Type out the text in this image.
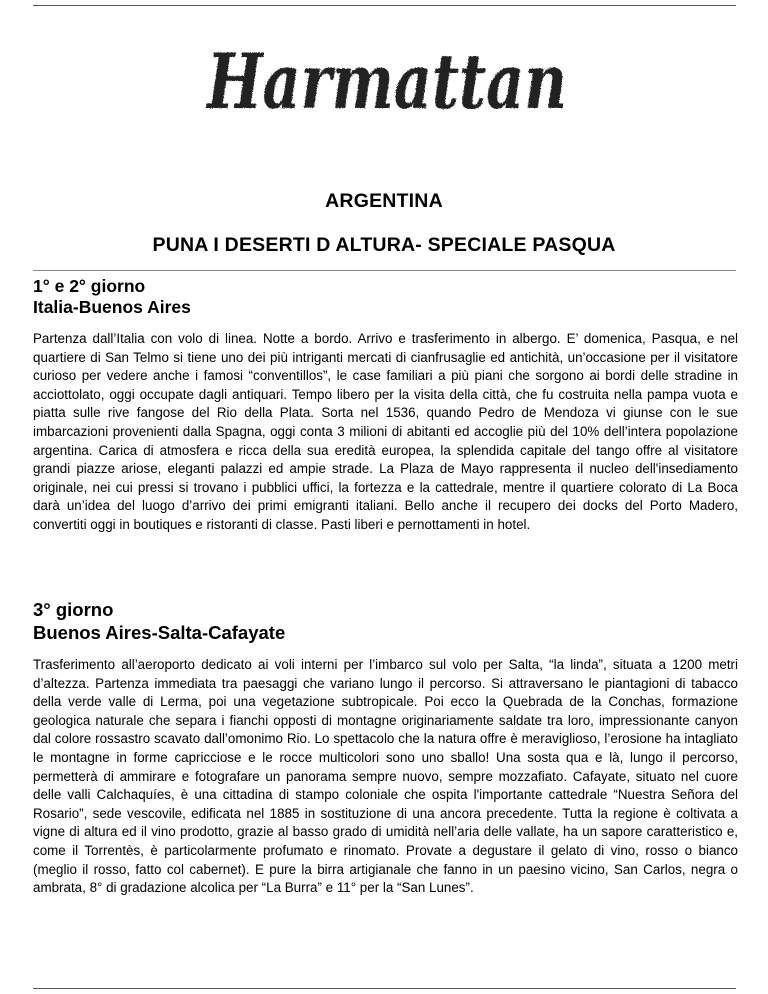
Harmattan
ARGENTINA
PUNA I DESERTI D ALTURA- SPECIALE PASQUA
1° e 2° giorno
Italia-Buenos Aires

Partenza dall’Italia con volo di linea. Notte a bordo. Arrivo e trasferimento in albergo. E’ domenica, Pasqua, e nel quartiere di San Telmo si tiene uno dei più intriganti mercati di cianfrusaglie ed antichità, un’occasione per il visitatore curioso per vedere anche i famosi “conventillos”, le case familiari a più piani che sorgono ai bordi delle stradine in acciottolato, oggi occupate dagli antiquari. Tempo libero per la visita della città, che fu costruita nella pampa vuota e piatta sulle rive fangose del Rio della Plata. Sorta nel 1536, quando Pedro de Mendoza vi giunse con le sue imbarcazioni provenienti dalla Spagna, oggi conta 3 milioni di abitanti ed accoglie più del 10% dell’intera popolazione argentina. Carica di atmosfera e ricca della sua eredità europea, la splendida capitale del tango offre al visitatore grandi piazze ariose, eleganti palazzi ed ampie strade. La Plaza de Mayo rappresenta il nucleo dell'insediamento originale, nei cui pressi si trovano i pubblici uffici, la fortezza e la cattedrale, mentre il quartiere colorato di La Boca darà un’idea del luogo d’arrivo dei primi emigranti italiani. Bello anche il recupero dei docks del Porto Madero, convertiti oggi in boutiques e ristoranti di classe. Pasti liberi e pernottamenti in hotel.

3° giorno
Buenos Aires-Salta-Cafayate

Trasferimento all’aeroporto dedicato ai voli interni per l’imbarco sul volo per Salta, “la linda”, situata a 1200 metri d’altezza. Partenza immediata tra paesaggi che variano lungo il percorso. Si attraversano le piantagioni di tabacco della verde valle di Lerma, poi una vegetazione subtropicale. Poi ecco la Quebrada de la Conchas, formazione geologica naturale che separa i fianchi opposti di montagne originariamente saldate tra loro, impressionante canyon dal colore rossastro scavato dall’omonimo Rio. Lo spettacolo che la natura offre è meraviglioso, l’erosione ha intagliato le montagne in forme capricciose e le rocce multicolori sono uno sballo! Una sosta qua e là, lungo il percorso, permetterà di ammirare e fotografare un panorama sempre nuovo, sempre mozzafiato. Cafayate, situato nel cuore delle valli Calchaquíes, è una cittadina di stampo coloniale che ospita l'importante cattedrale “Nuestra Señora del Rosario”, sede vescovile, edificata nel 1885 in sostituzione di una ancora precedente. Tutta la regione è coltivata a vigne di altura ed il vino prodotto, grazie al basso grado di umidità nell’aria delle vallate, ha un sapore caratteristico e, come il Torrentès, è particolarmente profumato e rinomato. Provate a degustare il gelato di vino, rosso o bianco (meglio il rosso, fatto col cabernet). E pure la birra artigianale che fanno in un paesino vicino, San Carlos, negra o ambrata, 8° di gradazione alcolica per “La Burra” e 11° per la “San Lunes”.
